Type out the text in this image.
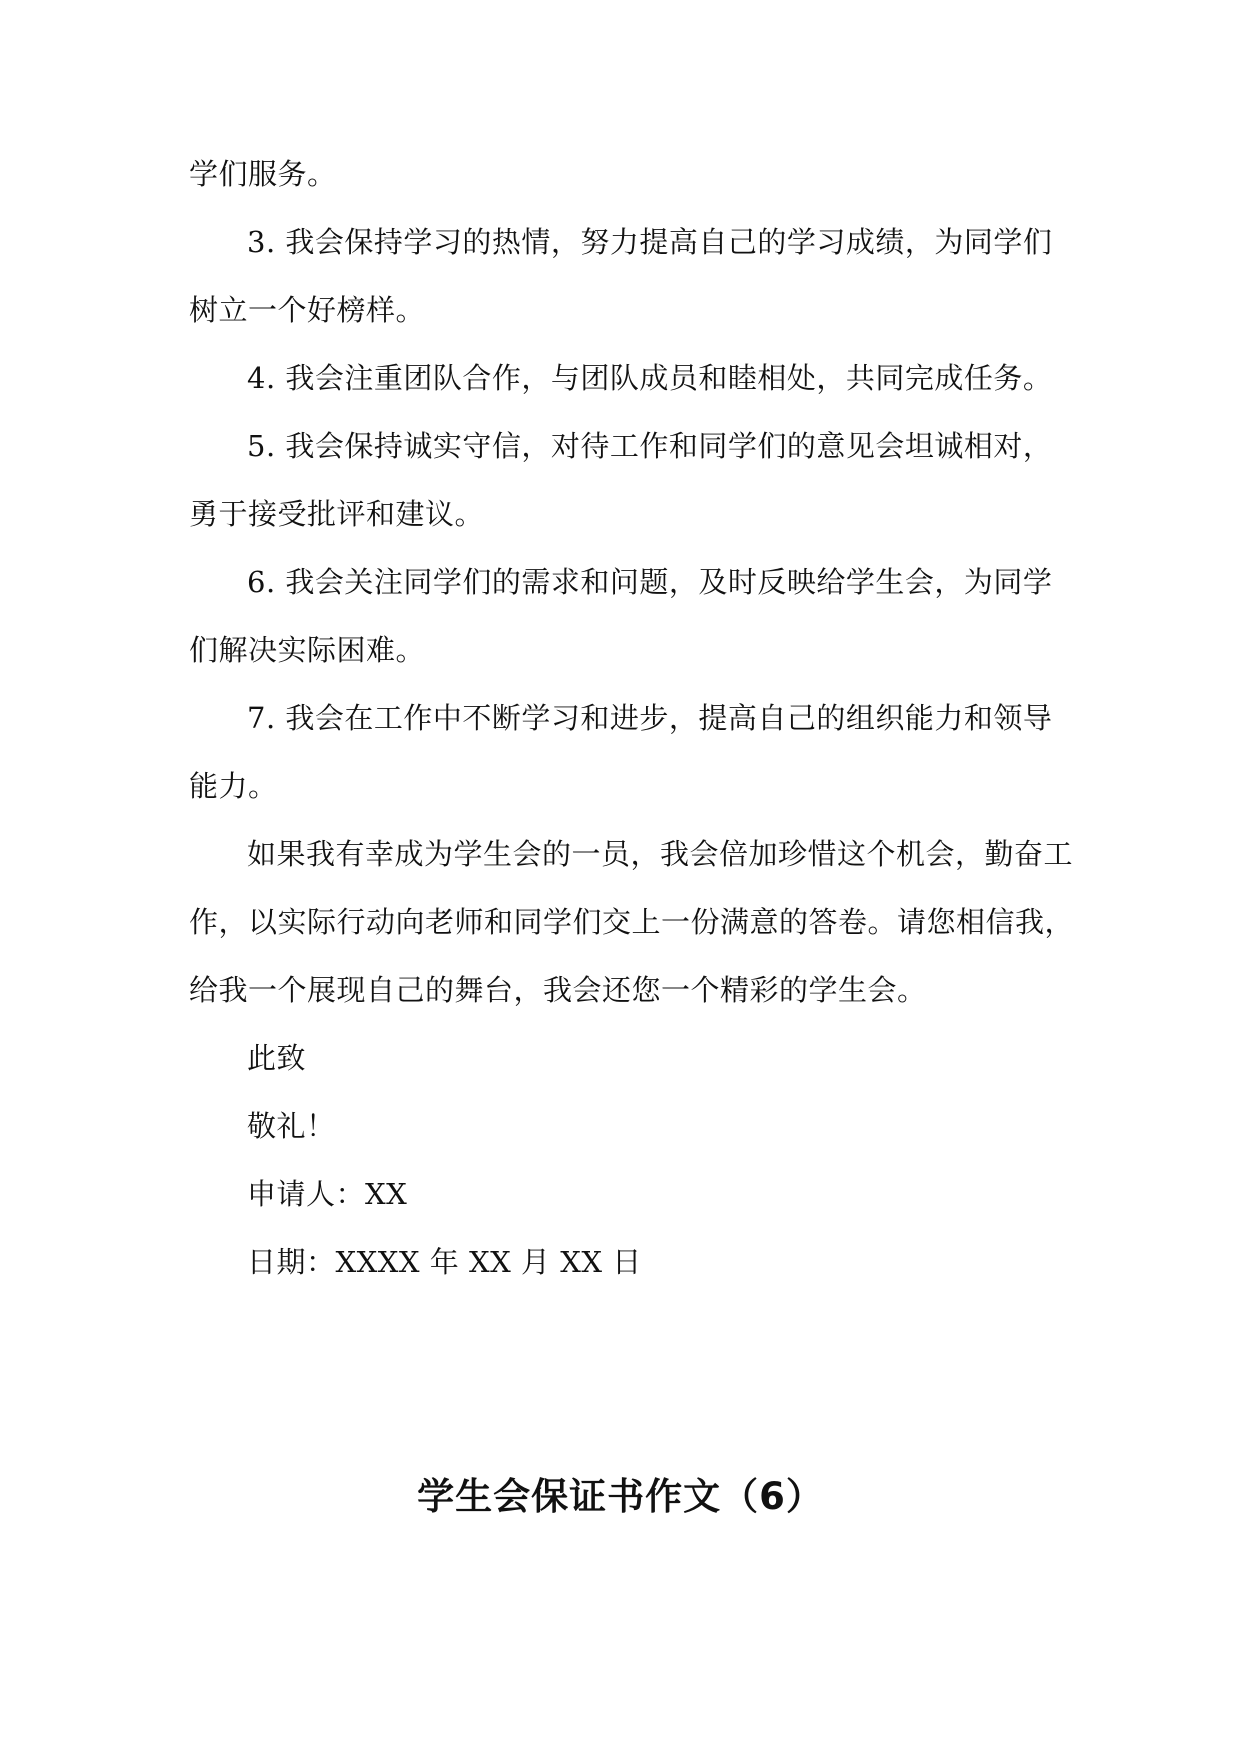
学们服务。
3. 我会保持学习的热情，努力提高自己的学习成绩，为同学们
树立一个好榜样。
4. 我会注重团队合作，与团队成员和睦相处，共同完成任务。
5. 我会保持诚实守信，对待工作和同学们的意见会坦诚相对，
勇于接受批评和建议。
6. 我会关注同学们的需求和问题，及时反映给学生会，为同学
们解决实际困难。
7. 我会在工作中不断学习和进步，提高自己的组织能力和领导
能力。
如果我有幸成为学生会的一员，我会倍加珍惜这个机会，勤奋工
作，以实际行动向老师和同学们交上一份满意的答卷。请您相信我，
给我一个展现自己的舞台，我会还您一个精彩的学生会。
此致
敬礼！
申请人：XX
日期：XXXX 年 XX 月 XX 日
学生会保证书作文（6）
